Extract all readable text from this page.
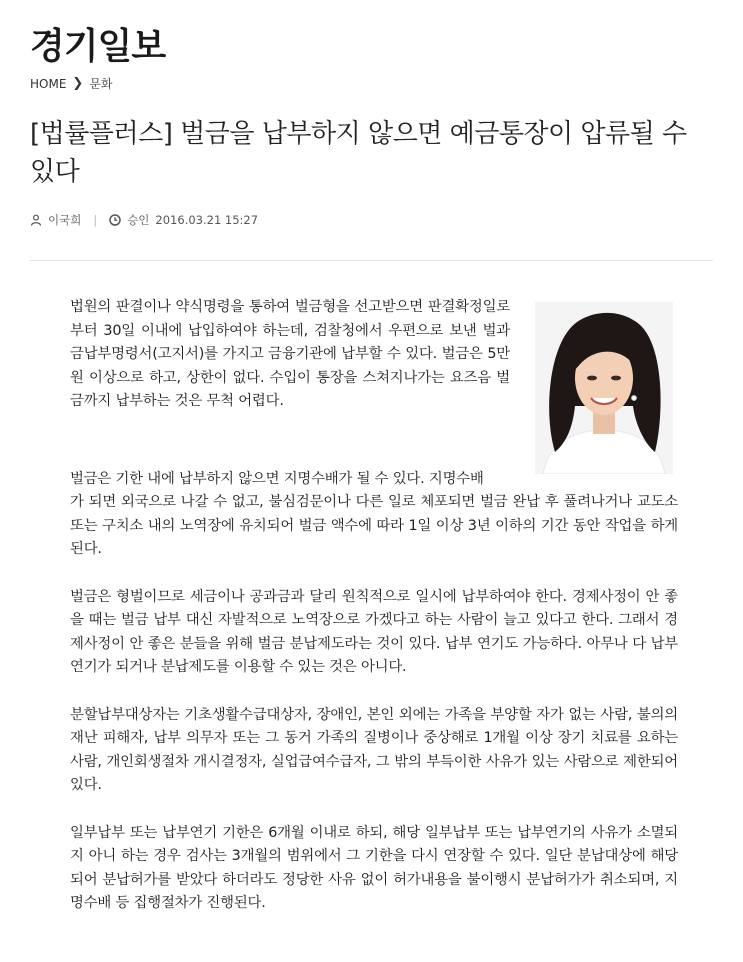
경기일보
HOME ❯ 문화
[법률플러스] 벌금을 납부하지 않으면 예금통장이 압류될 수 있다
이국희 |	승인 2016.03.21 15:27

법원의 판결이나 약식명령을 통하여 벌금형을 선고받으면 판결확정일로부터 30일 이내에 납입하여야 하는데, 검찰청에서 우편으로 보낸 벌과금납부명령서(고지서)를 가지고 금융기관에 납부할 수 있다. 벌금은 5만 원 이상으로 하고, 상한이 없다. 수입이 통장을 스쳐지나가는 요즈음 벌금까지 납부하는 것은 무척 어렵다.

벌금은 기한 내에 납부하지 않으면 지명수배가 될 수 있다. 지명수배

가 되면 외국으로 나갈 수 없고, 불심검문이나 다른 일로 체포되면 벌금 완납 후 풀려나거나 교도소 또는 구치소 내의 노역장에 유치되어 벌금 액수에 따라 1일 이상 3년 이하의 기간 동안 작업을 하게 된다.

벌금은 형벌이므로 세금이나 공과금과 달리 원칙적으로 일시에 납부하여야 한다. 경제사정이 안 좋을 때는 벌금 납부 대신 자발적으로 노역장으로 가겠다고 하는 사람이 늘고 있다고 한다. 그래서 경제사정이 안 좋은 분들을 위해 벌금 분납제도라는 것이 있다. 납부 연기도 가능하다. 아무나 다 납부 연기가 되거나 분납제도를 이용할 수 있는 것은 아니다.

분할납부대상자는 기초생활수급대상자, 장애인, 본인 외에는 가족을 부양할 자가 없는 사람, 불의의 재난 피해자, 납부 의무자 또는 그 동거 가족의 질병이나 중상해로 1개월 이상 장기 치료를 요하는 사람, 개인회생절차 개시결정자, 실업급여수급자, 그 밖의 부득이한 사유가 있는 사람으로 제한되어 있다.

일부납부 또는 납부연기 기한은 6개월 이내로 하되, 해당 일부납부 또는 납부연기의 사유가 소멸되지 아니 하는 경우 검사는 3개월의 범위에서 그 기한을 다시 연장할 수 있다. 일단 분납대상에 해당되어 분납허가를 받았다 하더라도 정당한 사유 없이 허가내용을 불이행시 분납허가가 취소되며, 지명수배 등 집행절차가 진행된다.
